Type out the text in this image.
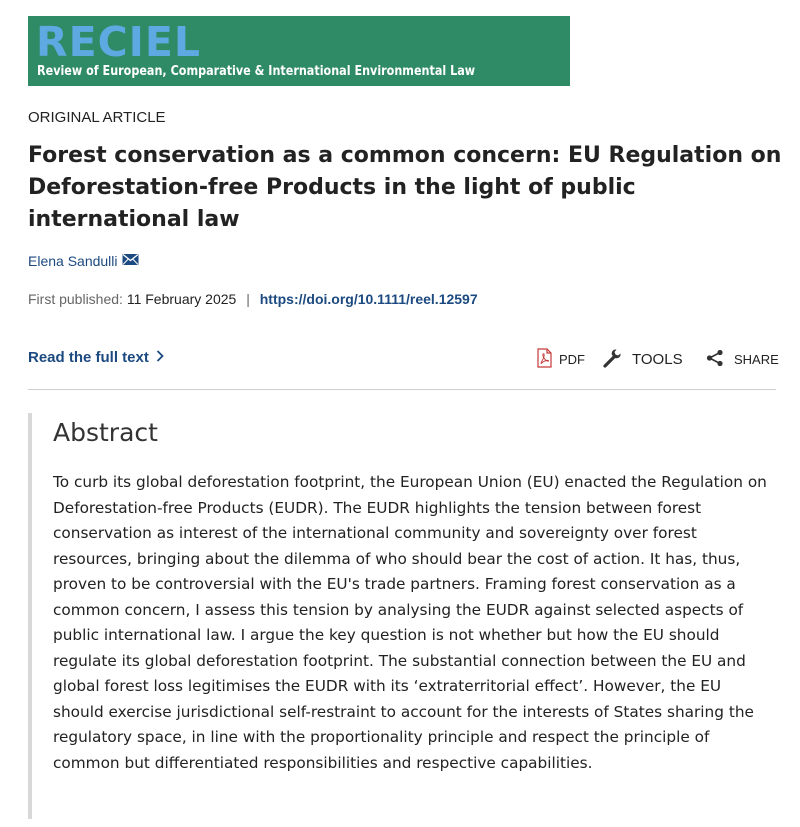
RECIEL
Review of European, Comparative & International Environmental Law
ORIGINAL ARTICLE
Forest conservation as a common concern: EU Regulation on Deforestation-free Products in the light of public international law
Elena Sandulli
First published: 11 February 2025 | https://doi.org/10.1111/reel.12597
Read the full text	PDF	TOOLS	SHARE
Abstract

To curb its global deforestation footprint, the European Union (EU) enacted the Regulation on Deforestation-free Products (EUDR). The EUDR highlights the tension between forest conservation as interest of the international community and sovereignty over forest resources, bringing about the dilemma of who should bear the cost of action. It has, thus, proven to be controversial with the EU's trade partners. Framing forest conservation as a common concern, I assess this tension by analysing the EUDR against selected aspects of public international law. I argue the key question is not whether but how the EU should regulate its global deforestation footprint. The substantial connection between the EU and global forest loss legitimises the EUDR with its ‘extraterritorial effect’. However, the EU should exercise jurisdictional self-restraint to account for the interests of States sharing the regulatory space, in line with the proportionality principle and respect the principle of common but differentiated responsibilities and respective capabilities.
